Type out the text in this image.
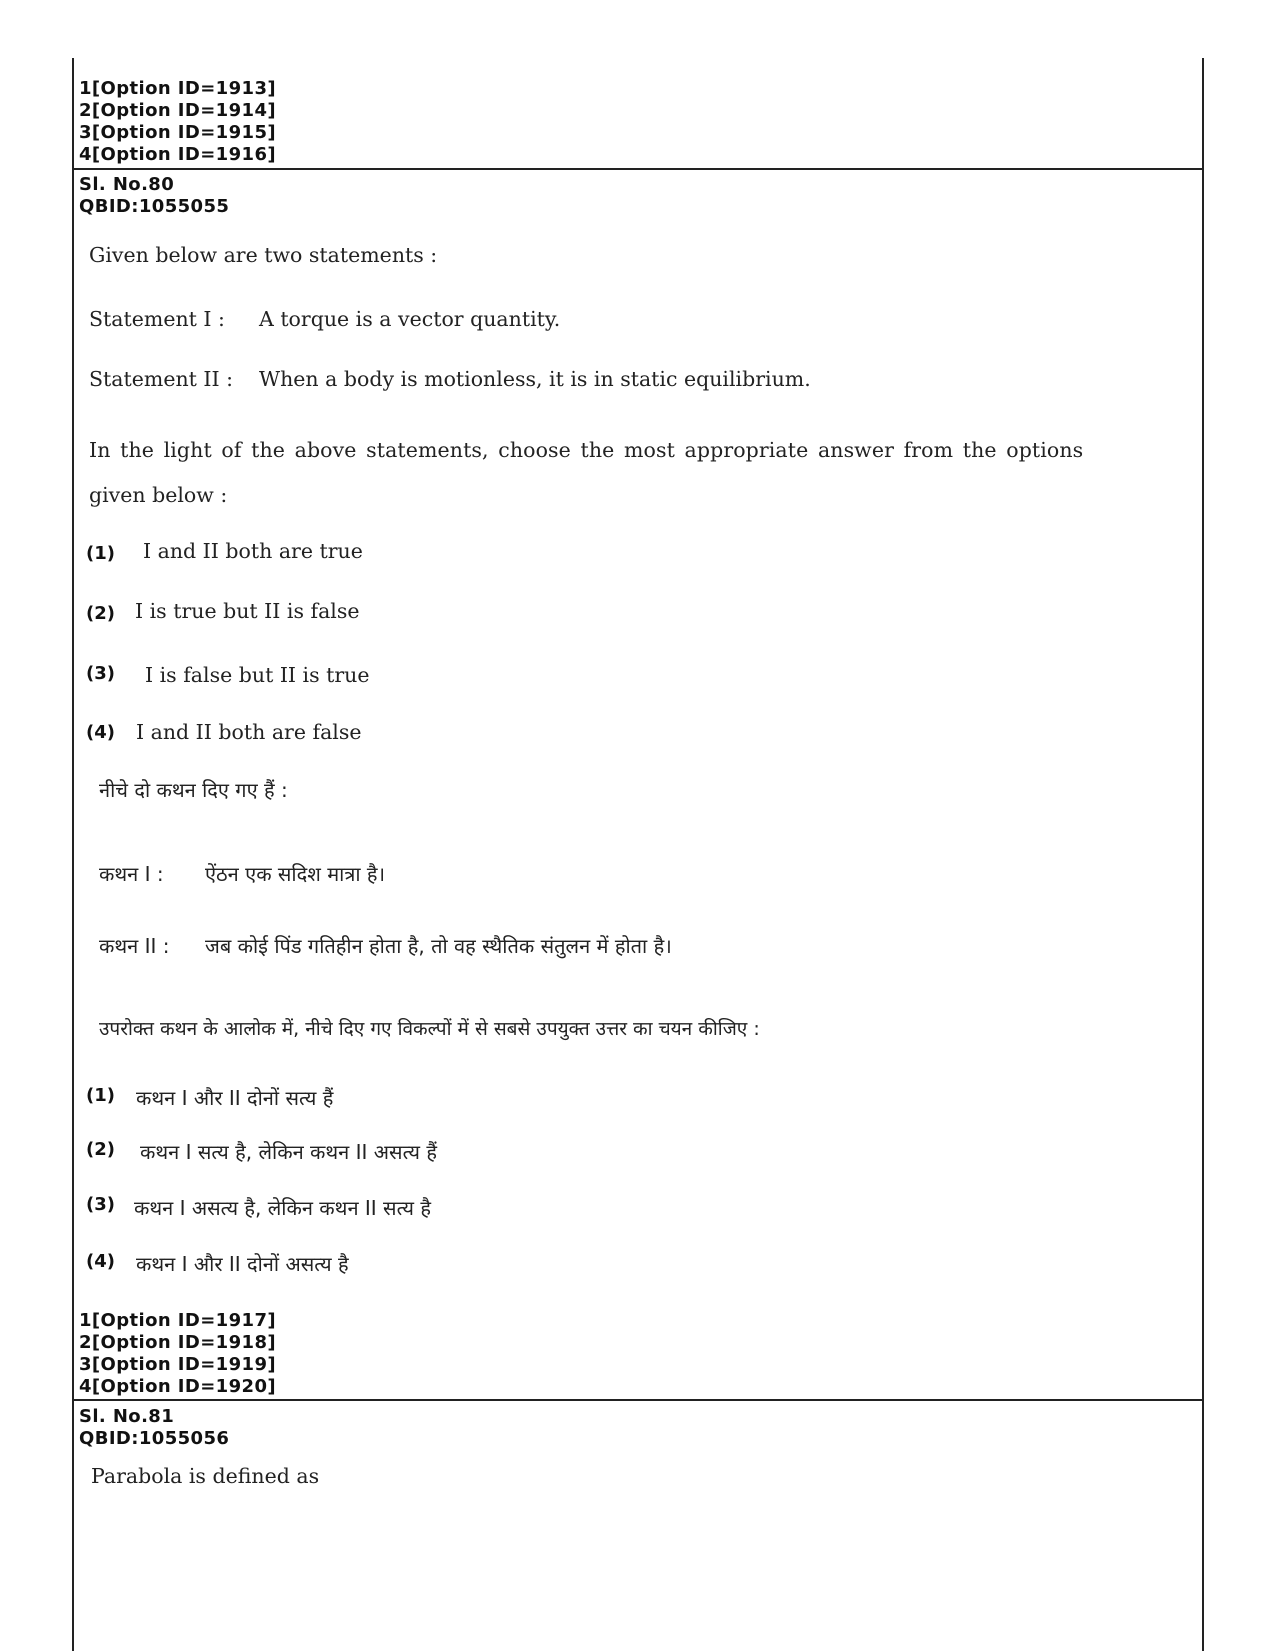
1[Option ID=1913]
2[Option ID=1914]
3[Option ID=1915]
4[Option ID=1916]
Sl. No.80
QBID:1055055
Given below are two statements :
Statement I : A torque is a vector quantity.
Statement II : When a body is motionless, it is in static equilibrium.
In the light of the above statements, choose the most appropriate answer from the options
given below :
(1) I and II both are true
(2) I is true but II is false
(3) I is false but II is true
(4) I and II both are false
नीचे दो कथन दिए गए हैं :
कथन I : ऐंठन एक सदिश मात्रा है।
कथन II : जब कोई पिंड गतिहीन होता है, तो वह स्थैतिक संतुलन में होता है।
उपरोक्त कथन के आलोक में, नीचे दिए गए विकल्पों में से सबसे उपयुक्त उत्तर का चयन कीजिए :
(1) कथन I और II दोनों सत्य हैं
(2) कथन I सत्य है, लेकिन कथन II असत्य हैं
(3) कथन I असत्य है, लेकिन कथन II सत्य है
(4) कथन I और II दोनों असत्य है
1[Option ID=1917]
2[Option ID=1918]
3[Option ID=1919]
4[Option ID=1920]
Sl. No.81
QBID:1055056
Parabola is defined as
